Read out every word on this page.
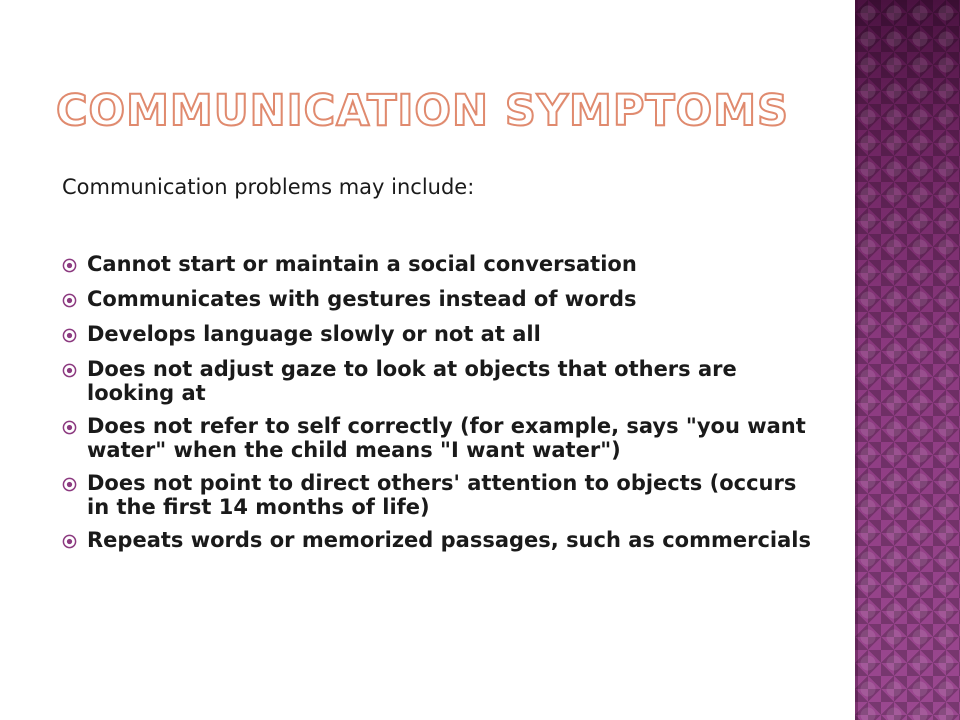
COMMUNICATION SYMPTOMS

Communication problems may include:

Cannot start or maintain a social conversation
Communicates with gestures instead of words
Develops language slowly or not at all
Does not adjust gaze to look at objects that others are looking at
Does not refer to self correctly (for example, says "you want water" when the child means "I want water")
Does not point to direct others' attention to objects (occurs in the first 14 months of life)
Repeats words or memorized passages, such as commercials
